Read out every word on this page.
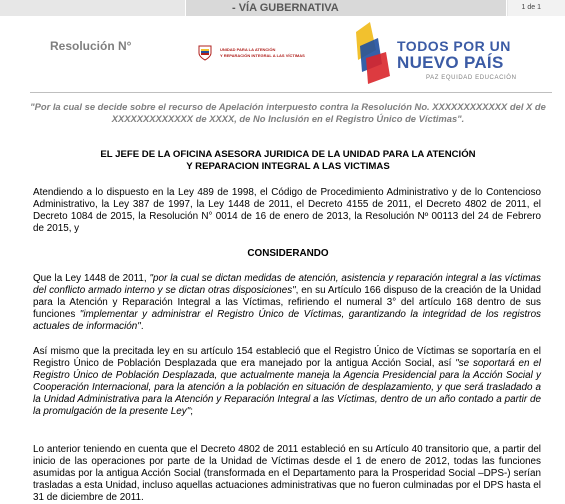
- VÍA GUBERNATIVA	1 de 1
Resolución N°	UNIDAD PARA LA ATENCIÓN
Y REPARACIÓN INTEGRAL A LAS VÍCTIMAS
TODOS POR UN
NUEVO PAÍS
PAZ EQUIDAD EDUCACIÓN
"Por la cual se decide sobre el recurso de Apelación interpuesto contra la Resolución No. XXXXXXXXXXXX del X de XXXXXXXXXXXXX de XXXX, de No Inclusión en el Registro Único de Víctimas".
EL JEFE DE LA OFICINA ASESORA JURIDICA DE LA UNIDAD PARA LA ATENCIÓN
Y REPARACION INTEGRAL A LAS VICTIMAS
Atendiendo a lo dispuesto en la Ley 489 de 1998, el Código de Procedimiento Administrativo y de lo Contencioso Administrativo, la Ley 387 de 1997, la Ley 1448 de 2011, el Decreto 4155 de 2011, el Decreto 4802 de 2011, el Decreto 1084 de 2015, la Resolución N° 0014 de 16 de enero de 2013, la Resolución Nº 00113 del 24 de Febrero de 2015, y
CONSIDERANDO
Que la Ley 1448 de 2011, "por la cual se dictan medidas de atención, asistencia y reparación integral a las víctimas del conflicto armado interno y se dictan otras disposiciones", en su Artículo 166 dispuso de la creación de la Unidad para la Atención y Reparación Integral a las Víctimas, refiriendo el numeral 3° del artículo 168 dentro de sus funciones "implementar y administrar el Registro Único de Víctimas, garantizando la integridad de los registros actuales de información".
Así mismo que la precitada ley en su artículo 154 estableció que el Registro Único de Víctimas se soportaría en el Registro Único de Población Desplazada que era manejado por la antigua Acción Social, así "se soportará en el Registro Único de Población Desplazada, que actualmente maneja la Agencia Presidencial para la Acción Social y Cooperación Internacional, para la atención a la población en situación de desplazamiento, y que será trasladado a la Unidad Administrativa para la Atención y Reparación Integral a las Víctimas, dentro de un año contado a partir de la promulgación de la presente Ley";
Lo anterior teniendo en cuenta que el Decreto 4802 de 2011 estableció en su Artículo 40 transitorio que, a partir del inicio de las operaciones por parte de la Unidad de Víctimas desde el 1 de enero de 2012, todas las funciones asumidas por la antigua Acción Social (transformada en el Departamento para la Prosperidad Social –DPS-) serían trasladas a esta Unidad, incluso aquellas actuaciones administrativas que no fueron culminadas por el DPS hasta el 31 de diciembre de 2011.
